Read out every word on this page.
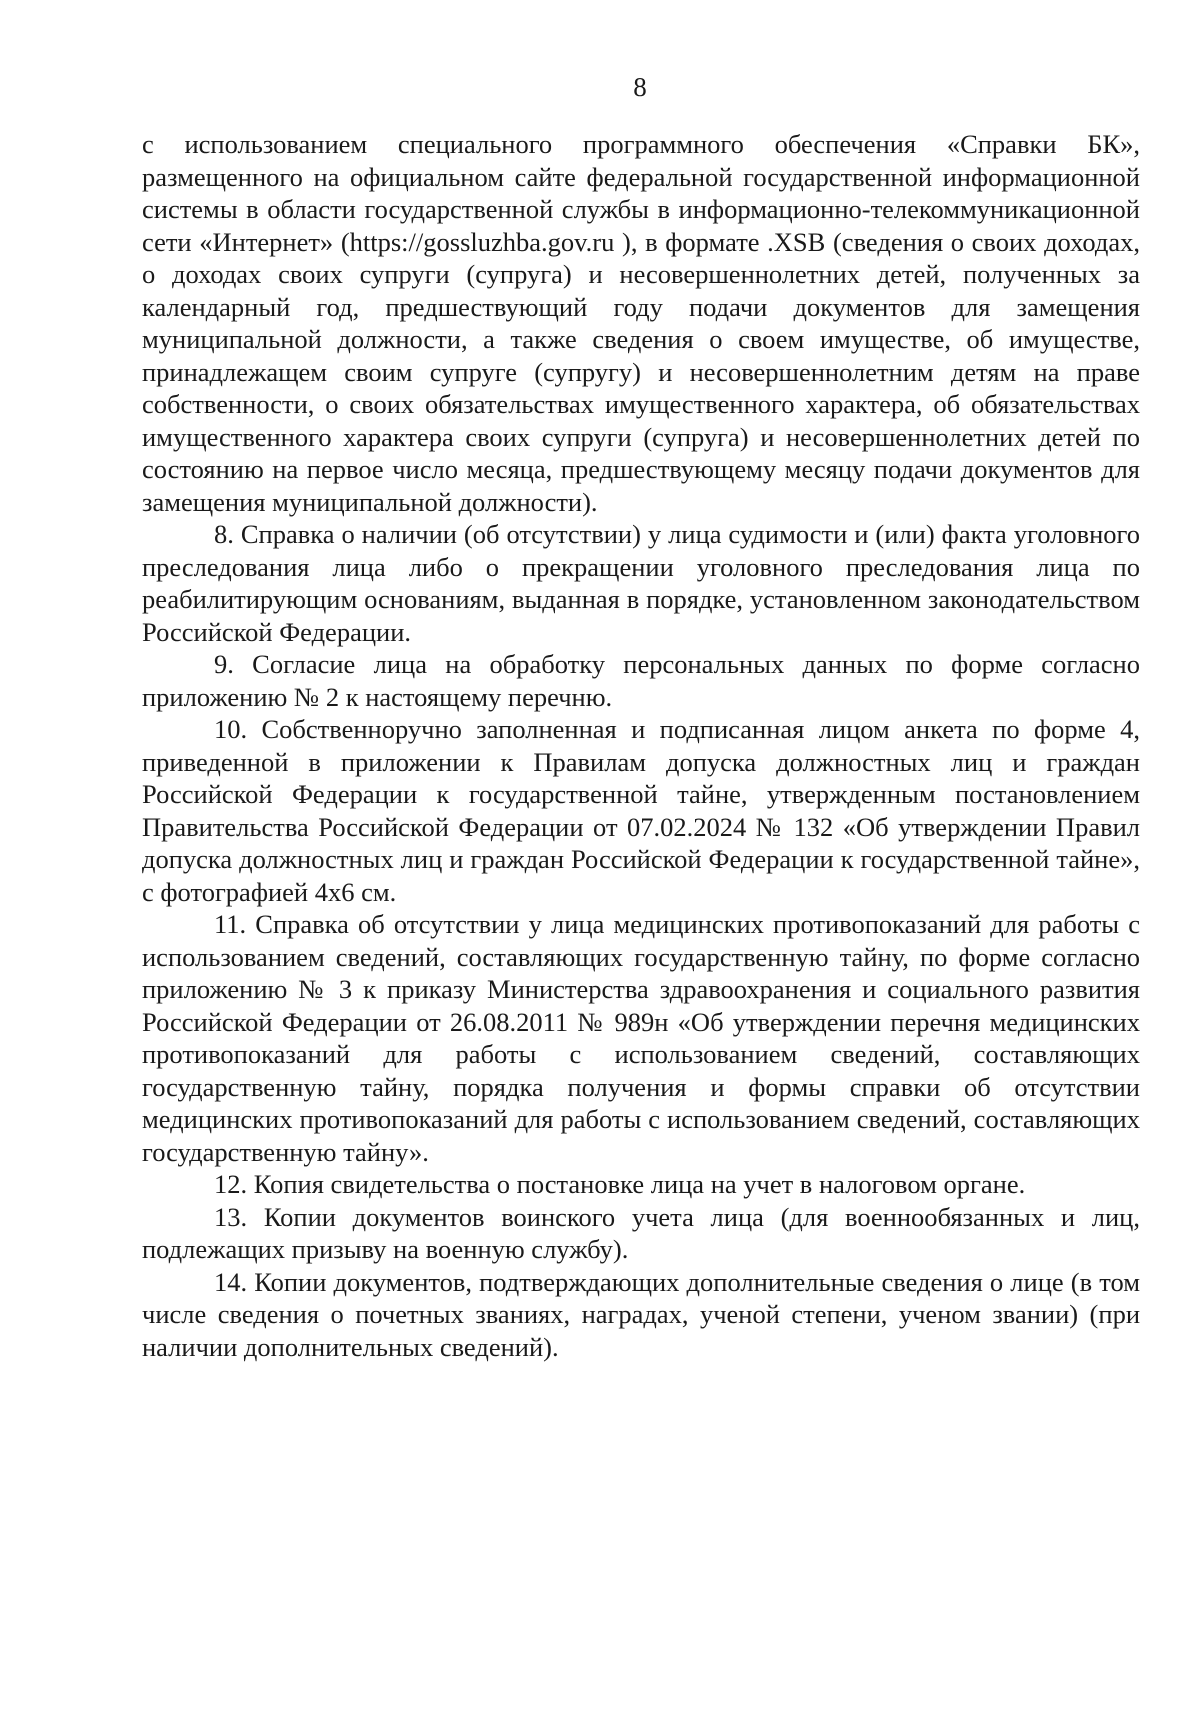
8

с использованием специального программного обеспечения «Справки БК», размещенного на официальном сайте федеральной государственной информационной системы в области государственной службы в информационно-телекоммуникационной сети «Интернет» (https://gossluzhba.gov.ru ), в формате .XSB (сведения о своих доходах, о доходах своих супруги (супруга) и несовершеннолетних детей, полученных за календарный год, предшествующий году подачи документов для замещения муниципальной должности, а также сведения о своем имуществе, об имуществе, принадлежащем своим супруге (супругу) и несовершеннолетним детям на праве собственности, о своих обязательствах имущественного характера, об обязательствах имущественного характера своих супруги (супруга) и несовершеннолетних детей по состоянию на первое число месяца, предшествующему месяцу подачи документов для замещения муниципальной должности).

8. Справка о наличии (об отсутствии) у лица судимости и (или) факта уголовного преследования лица либо о прекращении уголовного преследования лица по реабилитирующим основаниям, выданная в порядке, установленном законодательством Российской Федерации.

9. Согласие лица на обработку персональных данных по форме согласно приложению № 2 к настоящему перечню.

10. Собственноручно заполненная и подписанная лицом анкета по форме 4, приведенной в приложении к Правилам допуска должностных лиц и граждан Российской Федерации к государственной тайне, утвержденным постановлением Правительства Российской Федерации от 07.02.2024 № 132 «Об утверждении Правил допуска должностных лиц и граждан Российской Федерации к государственной тайне», с фотографией 4х6 см.

11. Справка об отсутствии у лица медицинских противопоказаний для работы с использованием сведений, составляющих государственную тайну, по форме согласно приложению № 3 к приказу Министерства здравоохранения и социального развития Российской Федерации от 26.08.2011 № 989н «Об утверждении перечня медицинских противопоказаний для работы с использованием сведений, составляющих государственную тайну, порядка получения и формы справки об отсутствии медицинских противопоказаний для работы с использованием сведений, составляющих государственную тайну».

12. Копия свидетельства о постановке лица на учет в налоговом органе.

13. Копии документов воинского учета лица (для военнообязанных и лиц, подлежащих призыву на военную службу).

14. Копии документов, подтверждающих дополнительные сведения о лице (в том числе сведения о почетных званиях, наградах, ученой степени, ученом звании) (при наличии дополнительных сведений).
